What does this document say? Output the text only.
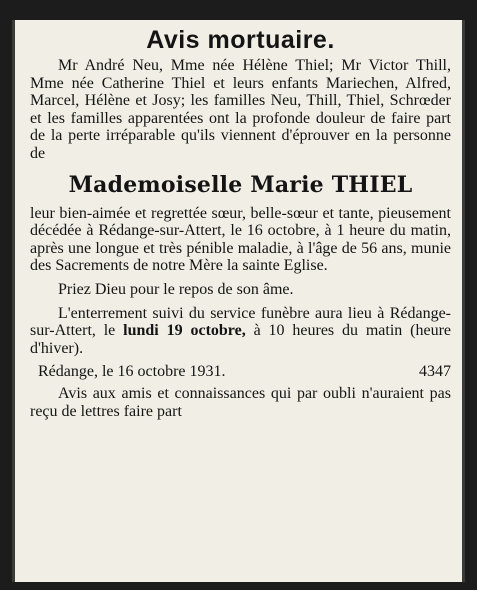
Avis mortuaire.

Mr André Neu, Mme née Hélène Thiel; Mr Victor Thill, Mme née Catherine Thiel et leurs enfants Mariechen, Alfred, Marcel, Hélène et Josy; les familles Neu, Thill, Thiel, Schrœder et les familles apparentées ont la profonde douleur de faire part de la perte irréparable qu'ils viennent d'éprouver en la personne de

Mademoiselle Marie THIEL

leur bien-aimée et regrettée sœur, belle-sœur et tante, pieusement décédée à Rédange-sur-Attert, le 16 octobre, à 1 heure du matin, après une longue et très pénible maladie, à l'âge de 56 ans, munie des Sacrements de notre Mère la sainte Eglise.

Priez Dieu pour le repos de son âme.

L'enterrement suivi du service funèbre aura lieu à Rédange-sur-Attert, le lundi 19 octobre, à 10 heures du matin (heure d'hiver).

Rédange, le 16 octobre 1931.	4347

Avis aux amis et connaissances qui par oubli n'auraient pas reçu de lettres faire part
